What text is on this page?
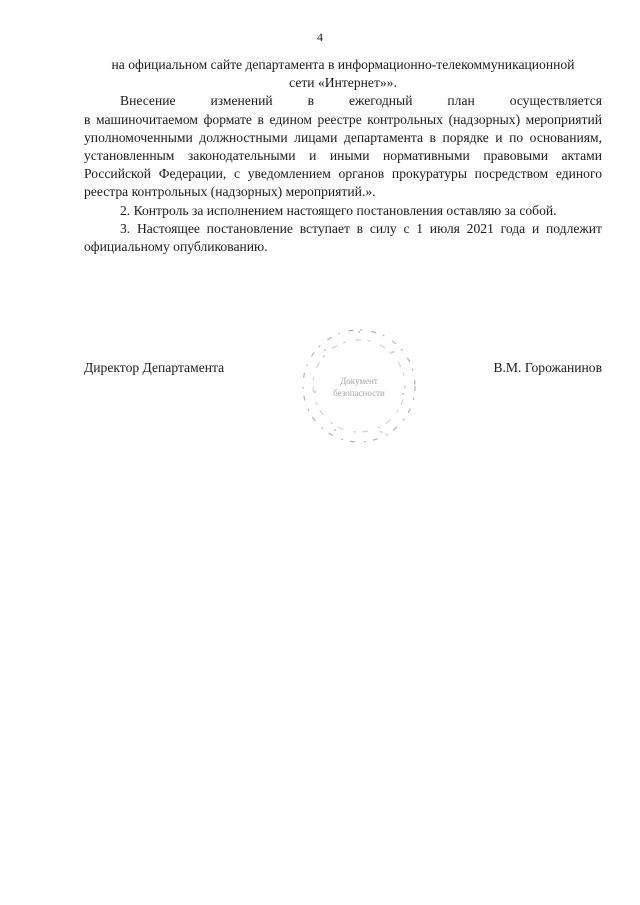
4

на официальном сайте департамента в информационно-телекоммуникационной

сети «Интернет»».

Внесение изменений в ежегодный план осуществляется

в машиночитаемом формате в едином реестре контрольных (надзорных) мероприятий уполномоченными должностными лицами департамента в порядке и по основаниям, установленным законодательными и иными нормативными правовыми актами Российской Федерации, с уведомлением органов прокуратуры посредством единого реестра контрольных (надзорных) мероприятий.».

2. Контроль за исполнением настоящего постановления оставляю за собой.

3. Настоящее постановление вступает в силу с 1 июля 2021 года и подлежит официальному опубликованию.

Директор Департамента	В.М. Горожанинов
Документ
безопасности
